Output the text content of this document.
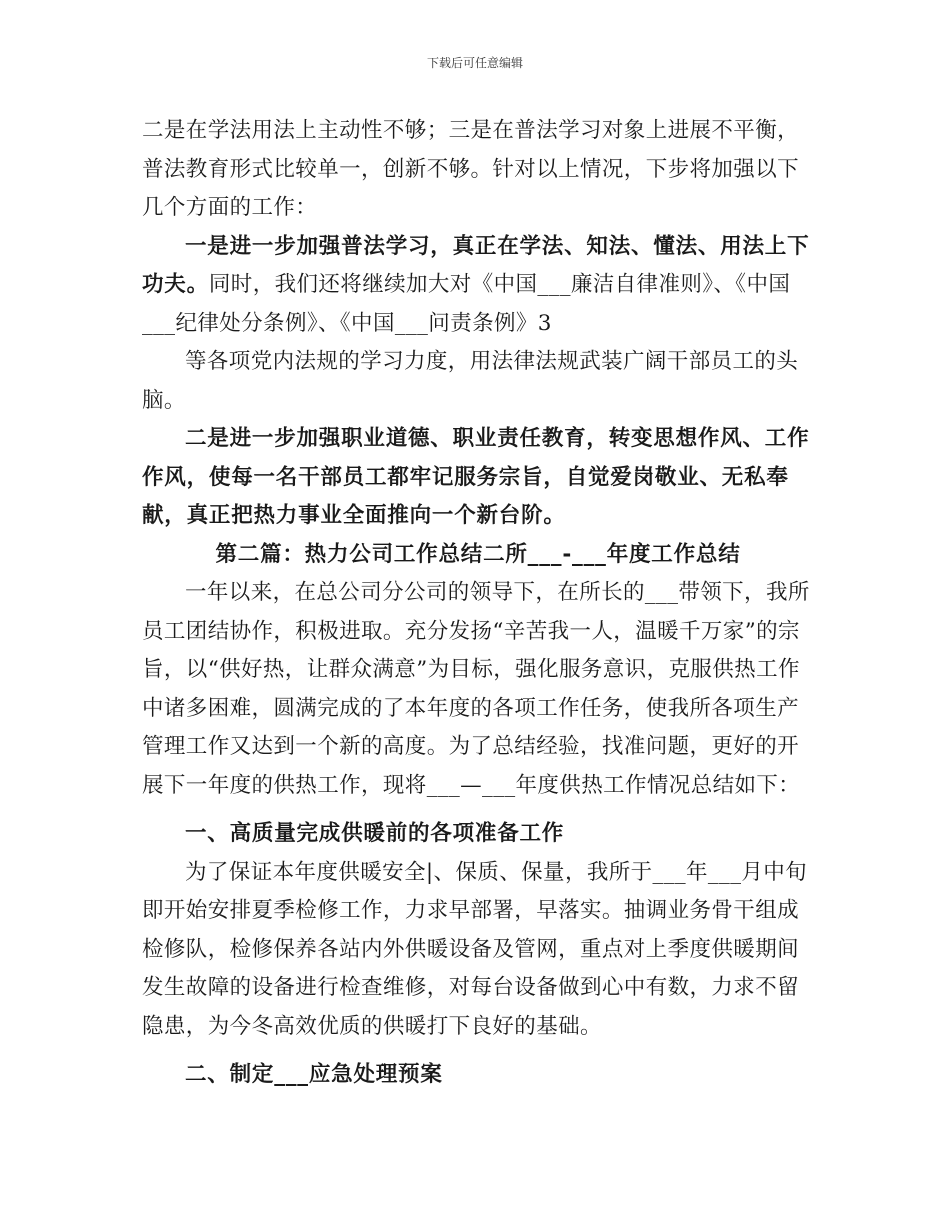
下载后可任意编辑

二是在学法用法上主动性不够；三是在普法学习对象上进展不平衡，普法教育形式比较单一，创新不够。针对以上情况，下步将加强以下几个方面的工作：

一是进一步加强普法学习，真正在学法、知法、懂法、用法上下功夫。同时，我们还将继续加大对《中国___廉洁自律准则》、《中国___纪律处分条例》、《中国___问责条例》3

等各项党内法规的学习力度，用法律法规武装广阔干部员工的头脑。

二是进一步加强职业道德、职业责任教育，转变思想作风、工作作风，使每一名干部员工都牢记服务宗旨，自觉爱岗敬业、无私奉献，真正把热力事业全面推向一个新台阶。

第二篇：热力公司工作总结二所___-___年度工作总结

一年以来，在总公司分公司的领导下，在所长的___带领下，我所员工团结协作，积极进取。充分发扬“辛苦我一人，温暖千万家”的宗旨，以“供好热，让群众满意”为目标，强化服务意识，克服供热工作中诸多困难，圆满完成的了本年度的各项工作任务，使我所各项生产管理工作又达到一个新的高度。为了总结经验，找准问题，更好的开展下一年度的供热工作，现将___—___年度供热工作情况总结如下：

一、高质量完成供暖前的各项准备工作

为了保证本年度供暖安全|、保质、保量，我所于___年___月中旬即开始安排夏季检修工作，力求早部署，早落实。抽调业务骨干组成检修队，检修保养各站内外供暖设备及管网，重点对上季度供暖期间发生故障的设备进行检查维修，对每台设备做到心中有数，力求不留隐患，为今冬高效优质的供暖打下良好的基础。

二、制定___应急处理预案
